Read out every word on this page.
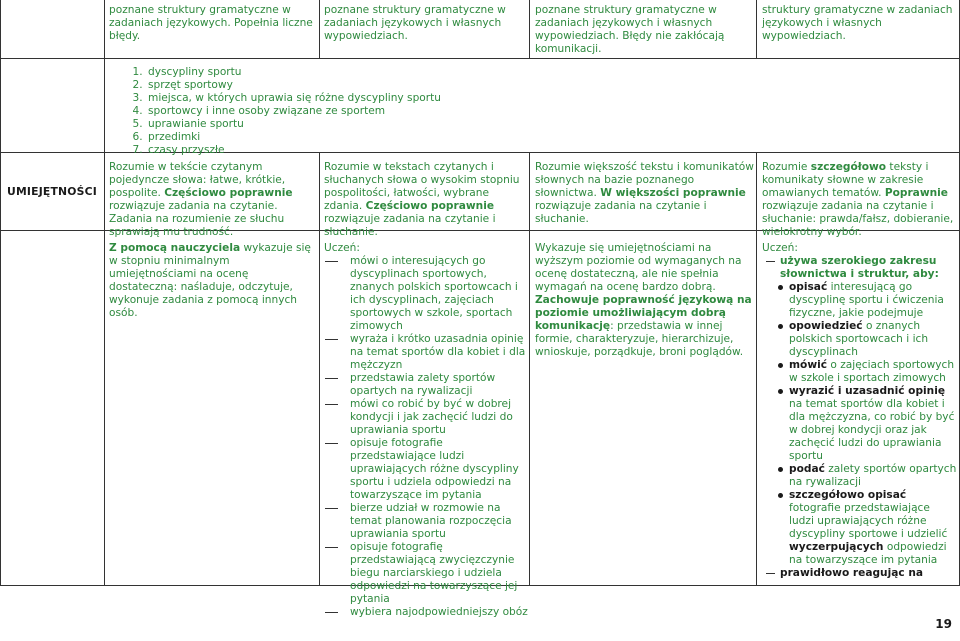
poznane struktury gramatyczne w zadaniach językowych. Popełnia liczne błędy.

poznane struktury gramatyczne w zadaniach językowych i własnych wypowiedziach.

poznane struktury gramatyczne w zadaniach językowych i własnych wypowiedziach. Błędy nie zakłócają komunikacji.

struktury gramatyczne w zadaniach językowych i własnych wypowiedziach.

1. dyscypliny sportu
2. sprzęt sportowy
3. miejsca, w których uprawia się różne dyscypliny sportu
4. sportowcy i inne osoby związane ze sportem
5. uprawianie sportu
6. przedimki
7. czasy przyszłe
UMIEJĘTNOŚCI

Rozumie w tekście czytanym pojedyncze słowa: łatwe, krótkie, pospolite. Częściowo poprawnie rozwiązuje zadania na czytanie. Zadania na rozumienie ze słuchu sprawiają mu trudność.

Rozumie w tekstach czytanych i słuchanych słowa o wysokim stopniu pospolitości, łatwości, wybrane zdania. Częściowo poprawnie rozwiązuje zadania na czytanie i słuchanie.

Rozumie większość tekstu i komunikatów słownych na bazie poznanego słownictwa. W większości poprawnie rozwiązuje zadania na czytanie i słuchanie.

Rozumie szczegółowo teksty i komunikaty słowne w zakresie omawianych tematów. Poprawnie rozwiązuje zadania na czytanie i słuchanie: prawda/fałsz, dobieranie, wielokrotny wybór.

Z pomocą nauczyciela wykazuje się w stopniu minimalnym umiejętnościami na ocenę dostateczną: naśladuje, odczytuje, wykonuje zadania z pomocą innych osób.

Uczeń:

mówi o interesujących go dyscyplinach sportowych, znanych polskich sportowcach i ich dyscyplinach, zajęciach sportowych w szkole, sportach zimowych
wyraża i krótko uzasadnia opinię na temat sportów dla kobiet i dla mężczyzn
przedstawia zalety sportów opartych na rywalizacji
mówi co robić by być w dobrej kondycji i jak zachęcić ludzi do uprawiania sportu
opisuje fotografie przedstawiające ludzi uprawiających różne dyscypliny sportu i udziela odpowiedzi na towarzyszące im pytania
bierze udział w rozmowie na temat planowania rozpoczęcia uprawiania sportu
opisuje fotografię przedstawiającą zwycięzczynie biegu narciarskiego i udziela odpowiedzi na towarzyszące jej pytania
wybiera najodpowiedniejszy obóz

Wykazuje się umiejętnościami na wyższym poziomie od wymaganych na ocenę dostateczną, ale nie spełnia wymagań na ocenę bardzo dobrą. Zachowuje poprawność językową na poziomie umożliwiającym dobrą komunikację: przedstawia w innej formie, charakteryzuje, hierarchizuje, wnioskuje, porządkuje, broni poglądów.

Uczeń:

używa szerokiego zakresu słownictwa i struktur, aby:
opisać interesującą go dyscyplinę sportu i ćwiczenia fizyczne, jakie podejmuje
opowiedzieć o znanych polskich sportowcach i ich dyscyplinach
mówić o zajęciach sportowych w szkole i sportach zimowych
wyrazić i uzasadnić opinię na temat sportów dla kobiet i dla mężczyzna, co robić by być w dobrej kondycji oraz jak zachęcić ludzi do uprawiania sportu
podać zalety sportów opartych na rywalizacji
szczegółowo opisać fotografie przedstawiające ludzi uprawiających różne dyscypliny sportowe i udzielić wyczerpujących odpowiedzi na towarzyszące im pytania
prawidłowo reagując na
19
